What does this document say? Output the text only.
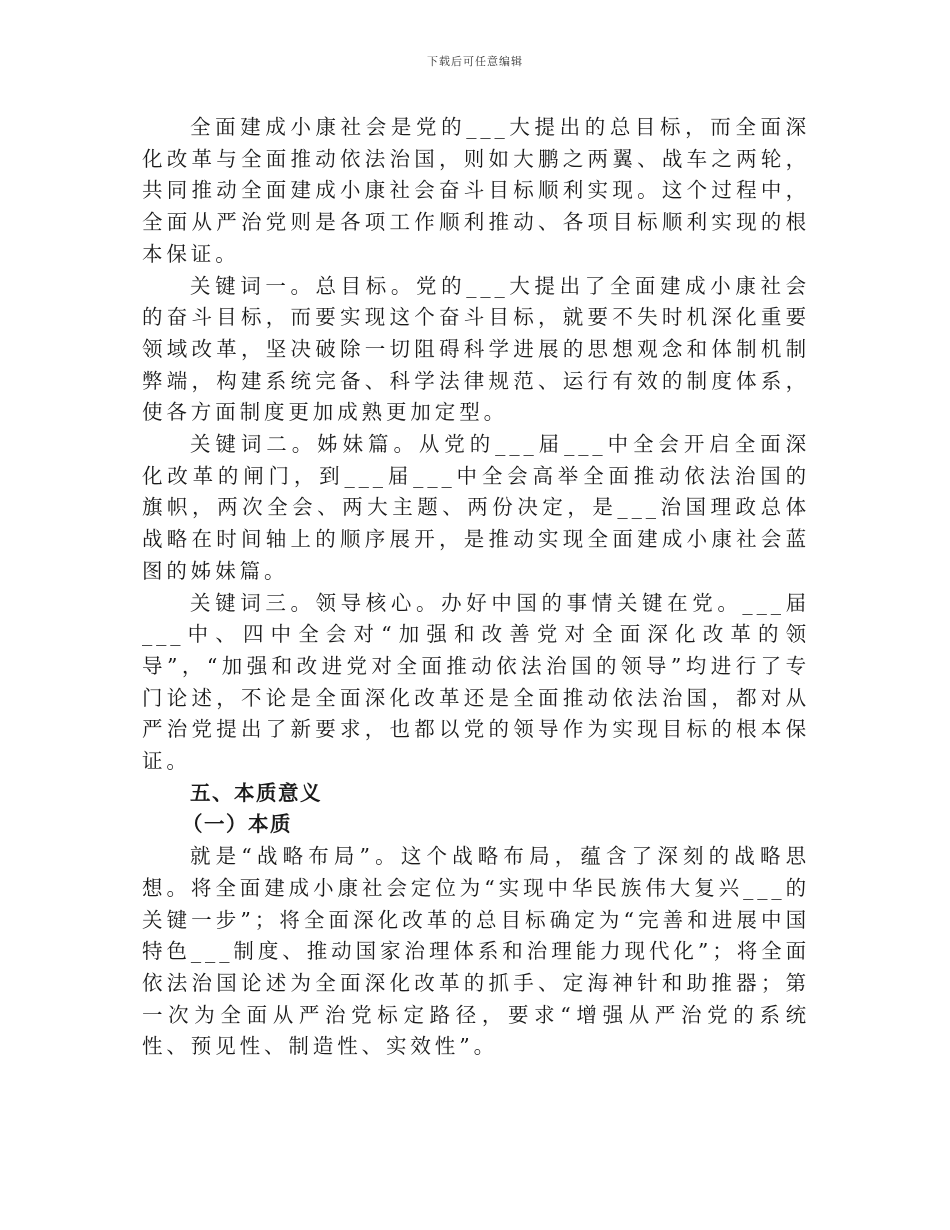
下载后可任意编辑

全面建成小康社会是党的___大提出的总目标，而全面深化改革与全面推动依法治国，则如大鹏之两翼、战车之两轮，共同推动全面建成小康社会奋斗目标顺利实现。这个过程中，全面从严治党则是各项工作顺利推动、各项目标顺利实现的根本保证。

关键词一。总目标。党的___大提出了全面建成小康社会的奋斗目标，而要实现这个奋斗目标，就要不失时机深化重要领域改革，坚决破除一切阻碍科学进展的思想观念和体制机制弊端，构建系统完备、科学法律规范、运行有效的制度体系，使各方面制度更加成熟更加定型。

关键词二。姊妹篇。从党的___届___中全会开启全面深化改革的闸门，到___届___中全会高举全面推动依法治国的旗帜，两次全会、两大主题、两份决定，是___治国理政总体战略在时间轴上的顺序展开，是推动实现全面建成小康社会蓝图的姊妹篇。

关键词三。领导核心。办好中国的事情关键在党。___届___中、四中全会对“加强和改善党对全面深化改革的领导”，“加强和改进党对全面推动依法治国的领导”均进行了专门论述，不论是全面深化改革还是全面推动依法治国，都对从严治党提出了新要求，也都以党的领导作为实现目标的根本保证。

五、本质意义

（一）本质

就是“战略布局”。这个战略布局，蕴含了深刻的战略思想。将全面建成小康社会定位为“实现中华民族伟大复兴___的关键一步”；将全面深化改革的总目标确定为“完善和进展中国特色___制度、推动国家治理体系和治理能力现代化”；将全面依法治国论述为全面深化改革的抓手、定海神针和助推器；第一次为全面从严治党标定路径，要求“增强从严治党的系统性、预见性、制造性、实效性”。
